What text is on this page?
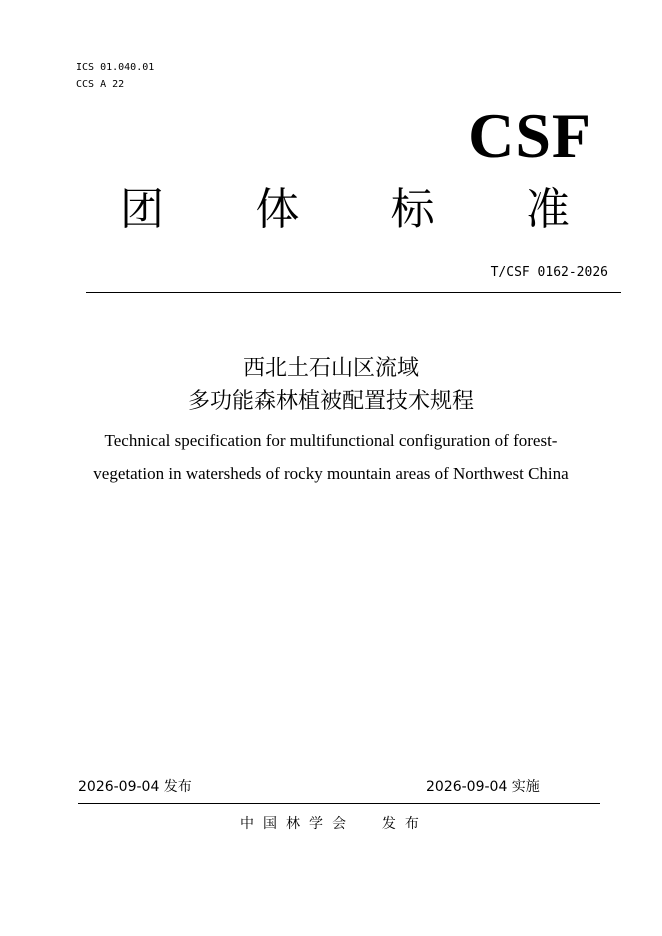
ICS 01.040.01
CCS A 22
CSF
团 体 标 准
T/CSF 0162-2026
西北土石山区流域
多功能森林植被配置技术规程
Technical specification for multifunctional configuration of forest-
vegetation in watersheds of rocky mountain areas of Northwest China
2026-09-04 发布	2026-09-04 实施
中国林学会  发布
